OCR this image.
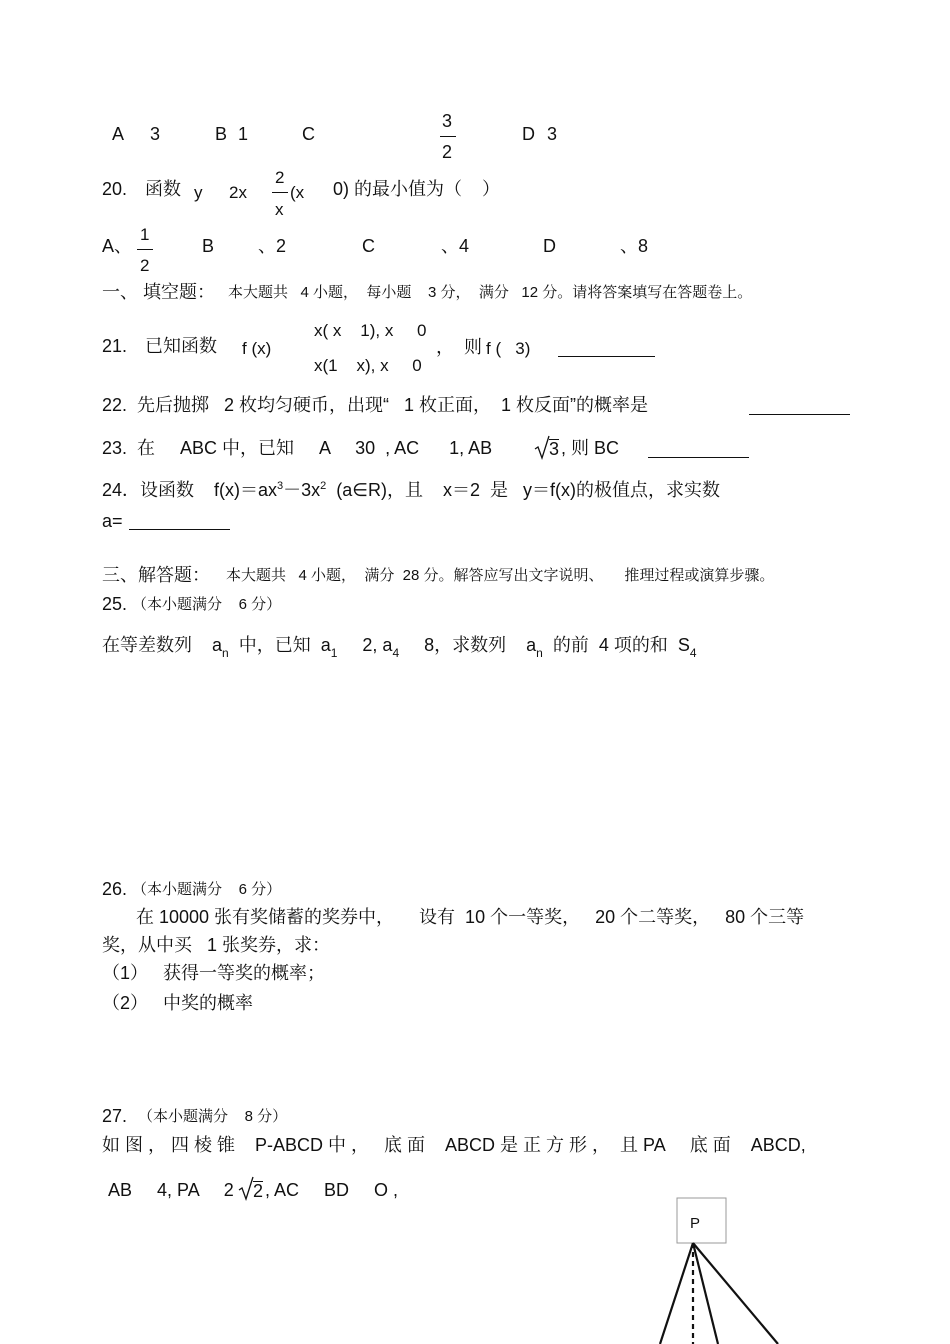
A 3	B 1	C
3
2
D 3
20. 函数 y 2x
2
x
(x 0) 的最小值为（    ）
A、
1
2
B 、2	C	、4	D	、8
一、 填空题： 本大题共   4 小题，  每小题    3 分，  满分   12 分。请将答案填写在答题卷上。
21. 已知函数 f (x)
x( x    1), x     0
x(1    x), x     0
，  则 f (   3)
22.  先后抛掷   2 枚均匀硬币，出现“   1 枚正面，  1 枚反面”的概率是
23.  在     ABC 中，已知     A     30  , AC      1, AB	3 , 则 BC
24．设函数    $f(x)=ax^3-3x^2$  (a∈R)，且    x＝2  是   y＝f(x)的极值点，求实数
a=
三、解答题： 本大题共   4 小题，  满分  28 分。解答应写出文字说明、     推理过程或演算步骤。
25. （本小题满分    6 分）
在等差数列    $a_n$  中，已知  $a_1$     2, $a_4$     8，求数列    $a_n$  的前  4 项的和  $S_4$
26. （本小题满分    6 分）
在 10000 张有奖储蓄的奖券中，     设有  10 个一等奖，   20 个二等奖，   80 个三等
奖，从中买   1 张奖券，求：
（1）   获得一等奖的概率；
（2）   中奖的概率
27. （本小题满分    8 分）
如 图 ， 四 棱 锥    P-ABCD 中 ，   底 面    ABCD 是 正 方 形 ，  且 PA     底 面    ABCD,
AB     4, PA     2 2 , AC     BD     O ,
P
